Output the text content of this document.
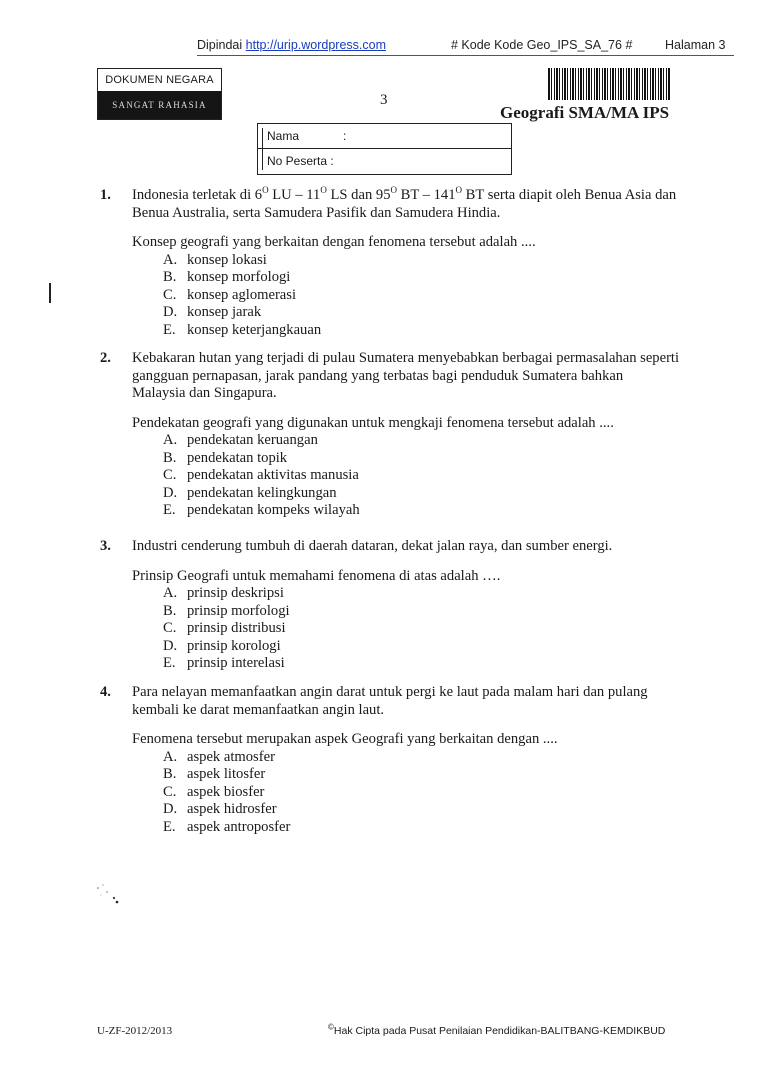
Dipindai http://urip.wordpress.com	# Kode Kode Geo_IPS_SA_76 #	Halaman 3
DOKUMEN NEGARA
SANGAT RAHASIA	3
Geografi SMA/MA IPS
Nama	:
No Peserta :
1. Indonesia terletak di $6^O$ LU – $11^O$ LS dan $95^O$ BT – $141^O$ BT serta diapit oleh Benua Asia dan Benua Australia, serta Samudera Pasifik dan Samudera Hindia.
Konsep geografi yang berkaitan dengan fenomena tersebut adalah ....
A. konsep lokasi
B. konsep morfologi
C. konsep aglomerasi
D. konsep jarak
E. konsep keterjangkauan
2. Kebakaran hutan yang terjadi di pulau Sumatera menyebabkan berbagai permasalahan seperti gangguan pernapasan, jarak pandang yang terbatas bagi penduduk Sumatera bahkan Malaysia dan Singapura.
Pendekatan geografi yang digunakan untuk mengkaji fenomena tersebut adalah ....
A. pendekatan keruangan
B. pendekatan topik
C. pendekatan aktivitas manusia
D. pendekatan kelingkungan
E. pendekatan kompeks wilayah
3. Industri cenderung tumbuh di daerah dataran, dekat jalan raya, dan sumber energi.
Prinsip Geografi untuk memahami fenomena di atas adalah ….
A. prinsip deskripsi
B. prinsip morfologi
C. prinsip distribusi
D. prinsip korologi
E. prinsip interelasi
4. Para nelayan memanfaatkan angin darat untuk pergi ke laut pada malam hari dan pulang kembali ke darat memanfaatkan angin laut.
Fenomena tersebut merupakan aspek Geografi yang berkaitan dengan ....
A. aspek atmosfer
B. aspek litosfer
C. aspek biosfer
D. aspek hidrosfer
E. aspek antroposfer
U-ZF-2012/2013	©Hak Cipta pada Pusat Penilaian Pendidikan-BALITBANG-KEMDIKBUD
